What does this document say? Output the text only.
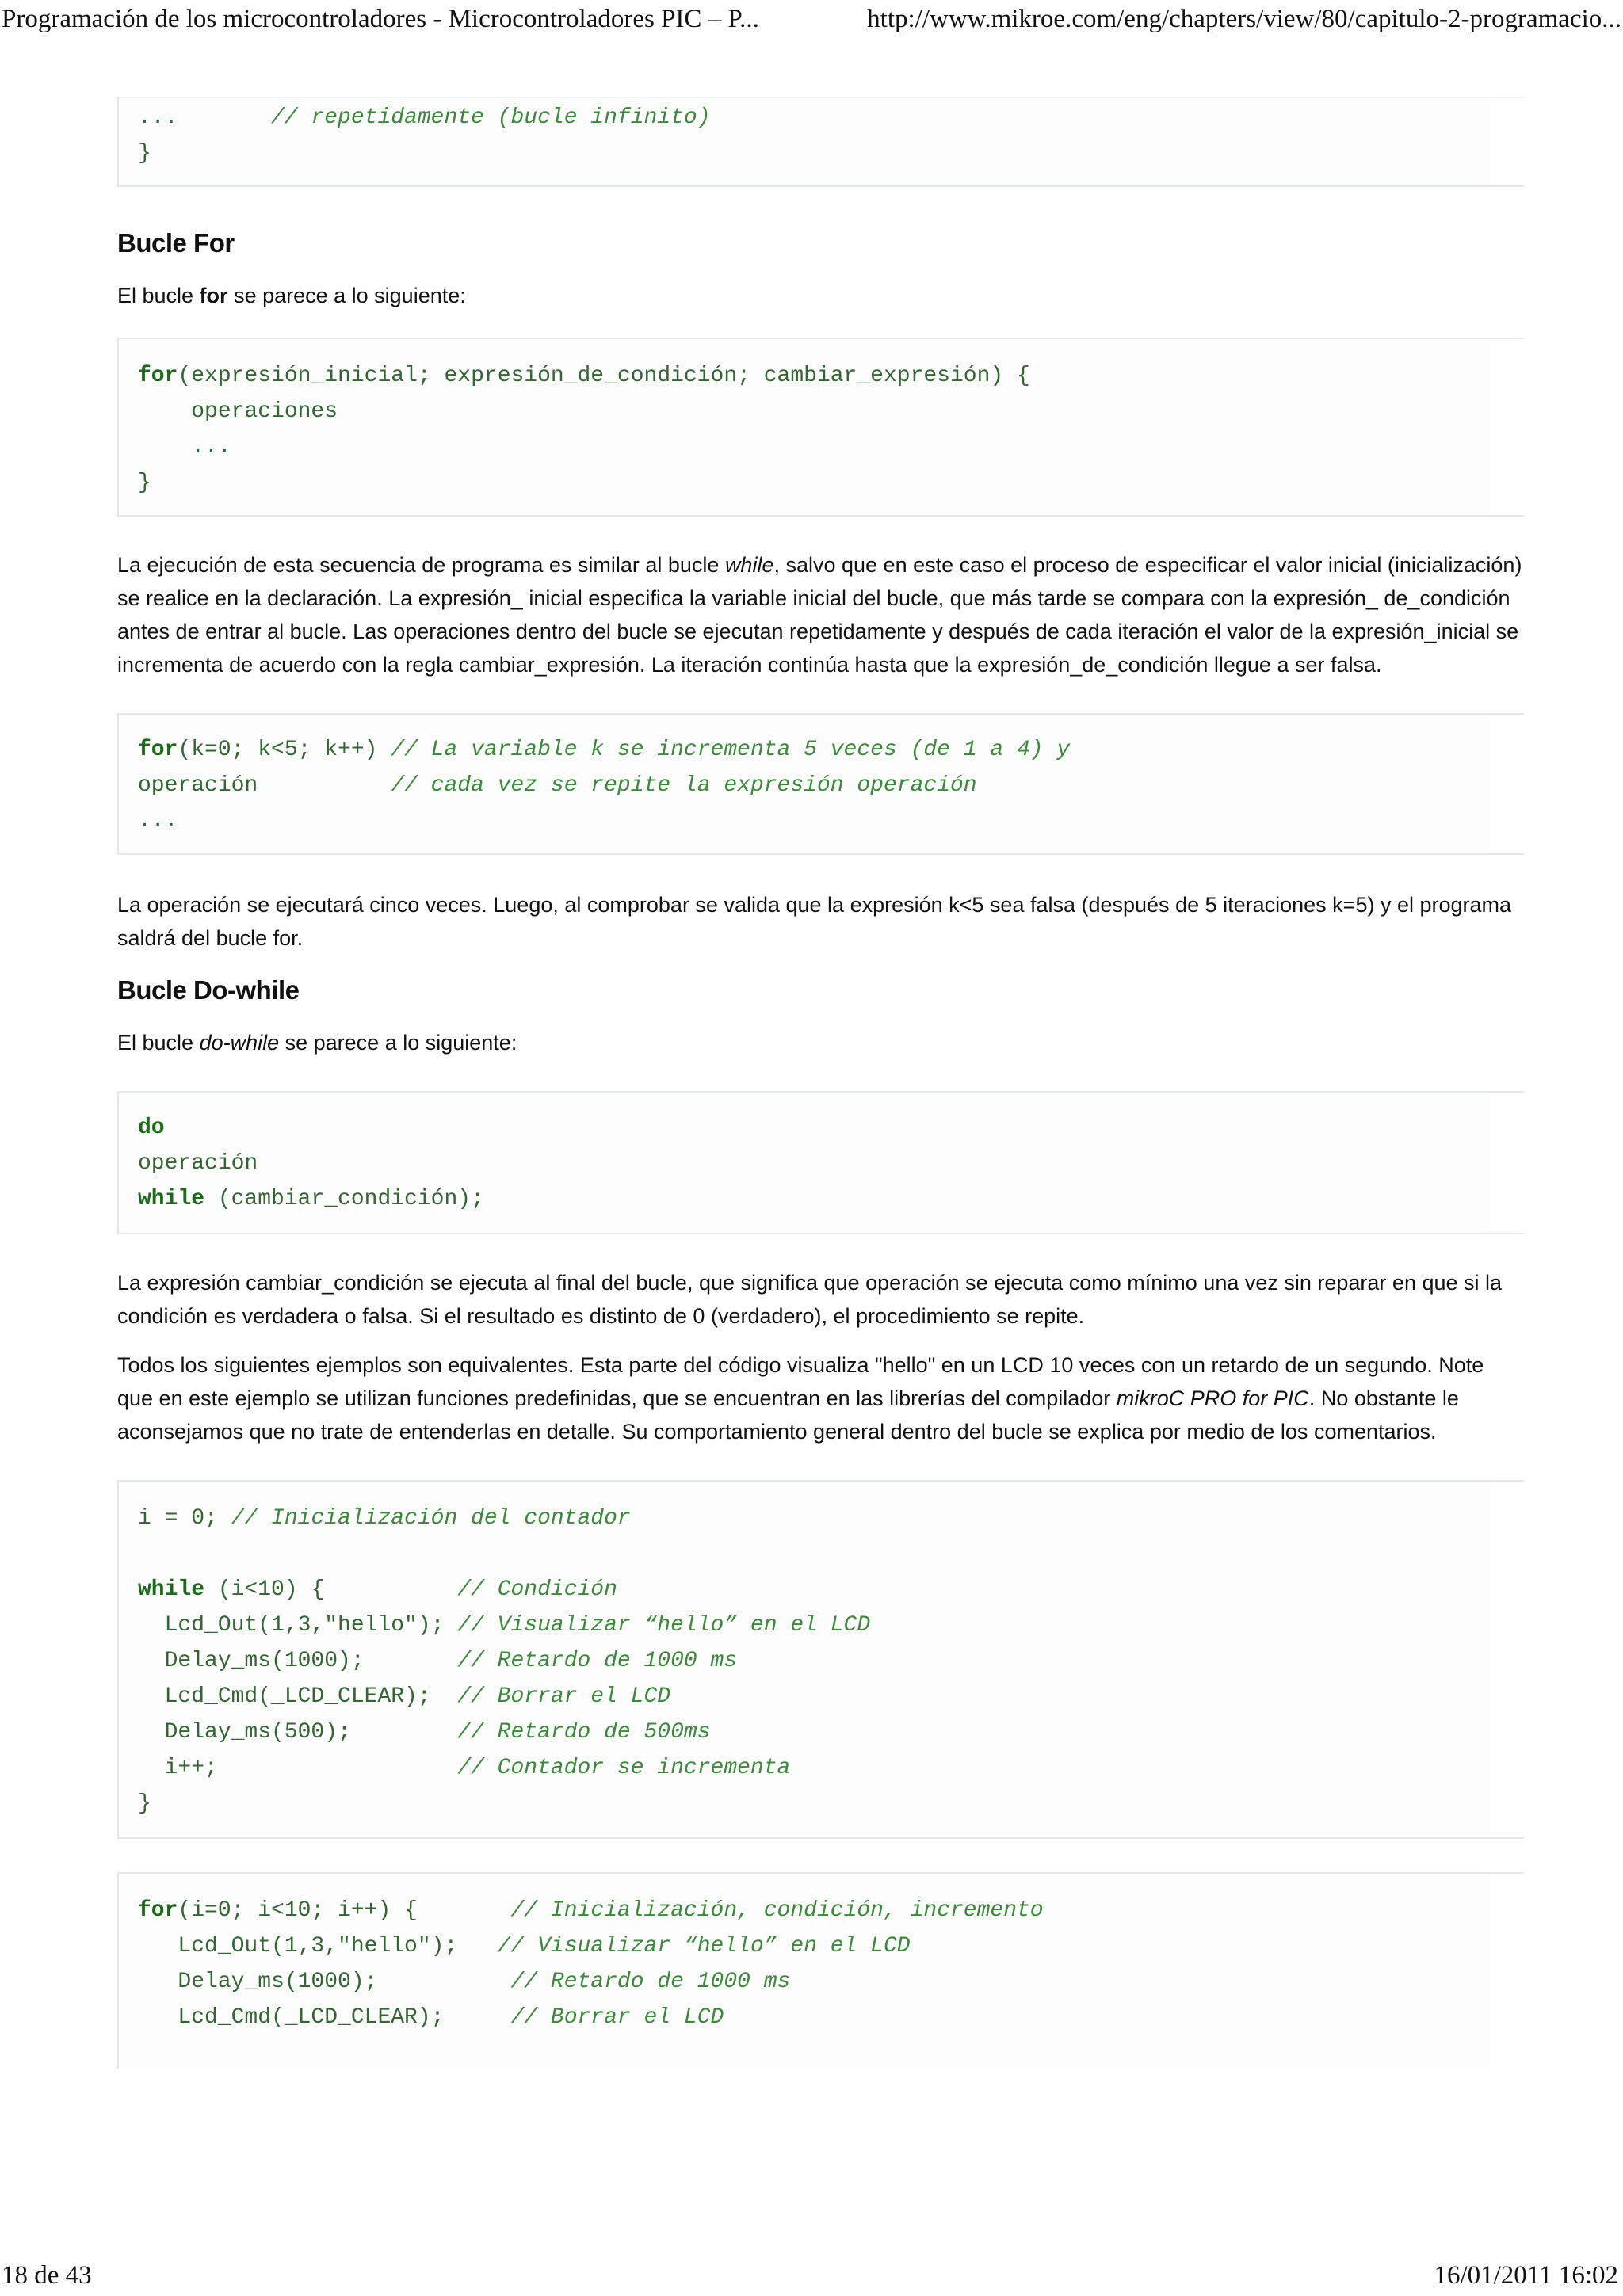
Programación de los microcontroladores - Microcontroladores PIC – P...	http://www.mikroe.com/eng/chapters/view/80/capitulo-2-programacio...
...       // repetidamente (bucle infinito)
}
Bucle For

El bucle for se parece a lo siguiente:

for(expresión_inicial; expresión_de_condición; cambiar_expresión) {
operaciones
...
}

La ejecución de esta secuencia de programa es similar al bucle while, salvo que en este caso el proceso de especificar el valor inicial (inicialización) se realice en la declaración. La expresión_ inicial especifica la variable inicial del bucle, que más tarde se compara con la expresión_ de_condición antes de entrar al bucle. Las operaciones dentro del bucle se ejecutan repetidamente y después de cada iteración el valor de la expresión_inicial se incrementa de acuerdo con la regla cambiar_expresión. La iteración continúa hasta que la expresión_de_condición llegue a ser falsa.

for(k=0; k<5; k++) // La variable k se incrementa 5 veces (de 1 a 4) y
operación          // cada vez se repite la expresión operación
...

La operación se ejecutará cinco veces. Luego, al comprobar se valida que la expresión k<5 sea falsa (después de 5 iteraciones k=5) y el programa saldrá del bucle for.

Bucle Do-while

El bucle do-while se parece a lo siguiente:

do
operación
while (cambiar_condición);

La expresión cambiar_condición se ejecuta al final del bucle, que significa que operación se ejecuta como mínimo una vez sin reparar en que si la condición es verdadera o falsa. Si el resultado es distinto de 0 (verdadero), el procedimiento se repite.

Todos los siguientes ejemplos son equivalentes. Esta parte del código visualiza "hello" en un LCD 10 veces con un retardo de un segundo. Note que en este ejemplo se utilizan funciones predefinidas, que se encuentran en las librerías del compilador mikroC PRO for PIC. No obstante le aconsejamos que no trate de entenderlas en detalle. Su comportamiento general dentro del bucle se explica por medio de los comentarios.

i = 0; // Inicialización del contador

while (i<10) {          // Condición
Lcd_Out(1,3,"hello"); // Visualizar “hello” en el LCD
Delay_ms(1000);       // Retardo de 1000 ms
Lcd_Cmd(_LCD_CLEAR);  // Borrar el LCD
Delay_ms(500);        // Retardo de 500ms
i++;                  // Contador se incrementa
}
for(i=0; i<10; i++) {       // Inicialización, condición, incremento
Lcd_Out(1,3,"hello");   // Visualizar “hello” en el LCD
Delay_ms(1000);          // Retardo de 1000 ms
Lcd_Cmd(_LCD_CLEAR);     // Borrar el LCD
18 de 43	16/01/2011 16:02
